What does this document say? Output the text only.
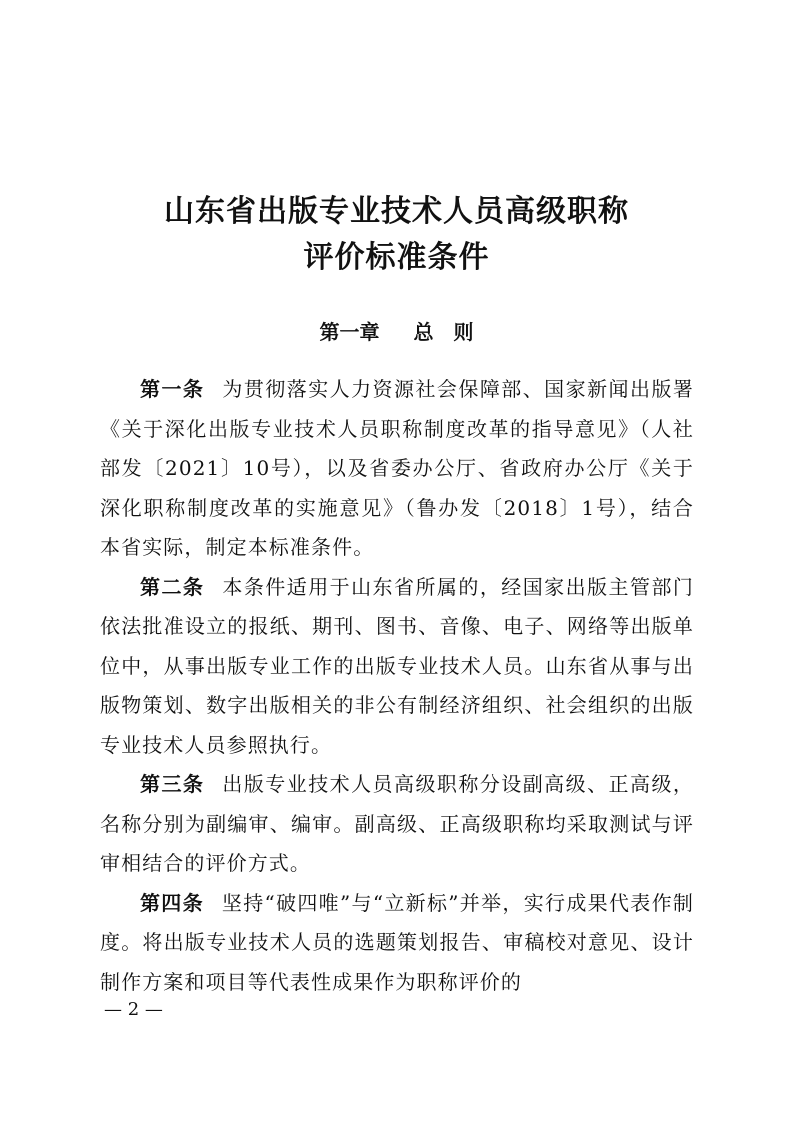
山东省出版专业技术人员高级职称
评价标准条件
第一章 总　则

第一条 为贯彻落实人力资源社会保障部、国家新闻出版署《关于深化出版专业技术人员职称制度改革的指导意见》（人社部发〔2021〕10号），以及省委办公厅、省政府办公厅《关于深化职称制度改革的实施意见》（鲁办发〔2018〕1号），结合本省实际，制定本标准条件。

第二条 本条件适用于山东省所属的，经国家出版主管部门依法批准设立的报纸、期刊、图书、音像、电子、网络等出版单位中，从事出版专业工作的出版专业技术人员。山东省从事与出版物策划、数字出版相关的非公有制经济组织、社会组织的出版专业技术人员参照执行。

第三条 出版专业技术人员高级职称分设副高级、正高级，名称分别为副编审、编审。副高级、正高级职称均采取测试与评审相结合的评价方式。

第四条 坚持“破四唯”与“立新标”并举，实行成果代表作制度。将出版专业技术人员的选题策划报告、审稿校对意见、设计制作方案和项目等代表性成果作为职称评价的

— 2 —
